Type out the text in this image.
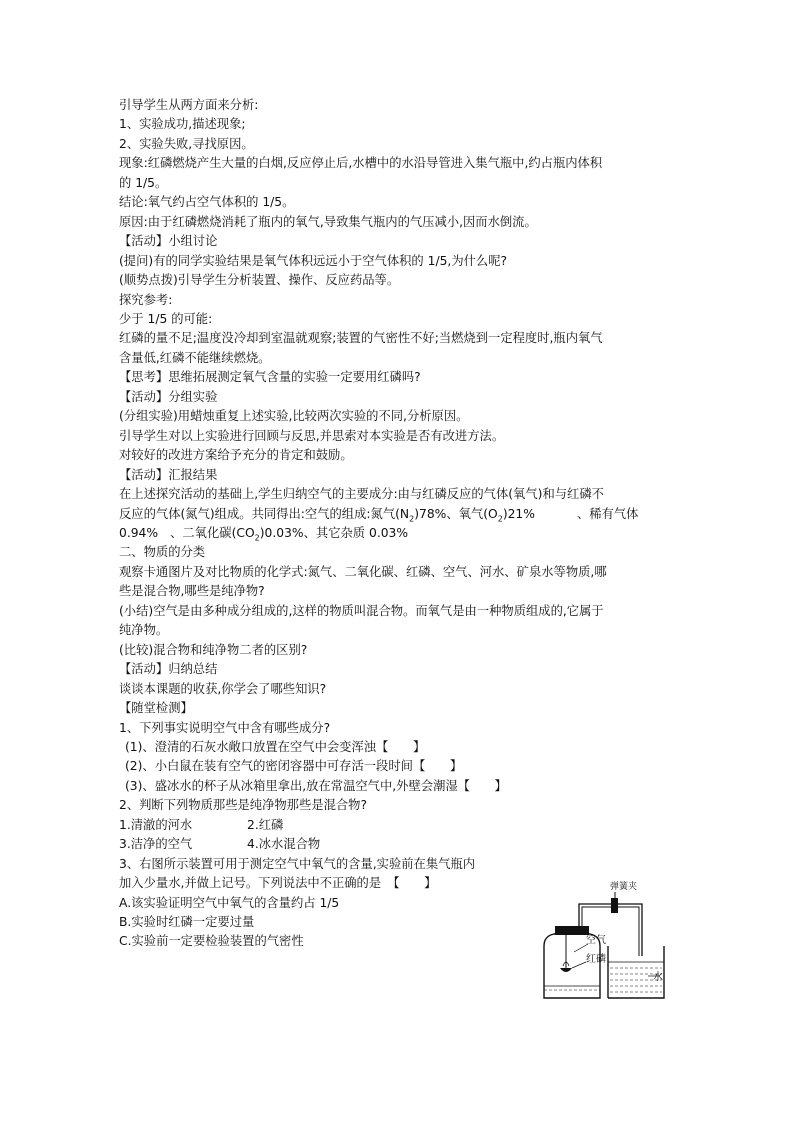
引导学生从两方面来分析:

1、实验成功,描述现象;

2、实验失败,寻找原因。

现象:红磷燃烧产生大量的白烟,反应停止后,水槽中的水沿导管进入集气瓶中,约占瓶内体积

的 1/5。

结论:氧气约占空气体积的 1/5。

原因:由于红磷燃烧消耗了瓶内的氧气,导致集气瓶内的气压减小,因而水倒流。

【活动】小组讨论

(提问)有的同学实验结果是氧气体积远远小于空气体积的 1/5,为什么呢?

(顺势点拨)引导学生分析装置、操作、反应药品等。

探究参考:

少于 1/5 的可能:

红磷的量不足;温度没冷却到室温就观察;装置的气密性不好;当燃烧到一定程度时,瓶内氧气

含量低,红磷不能继续燃烧。

【思考】思维拓展测定氧气含量的实验一定要用红磷吗?

【活动】分组实验

(分组实验)用蜡烛重复上述实验,比较两次实验的不同,分析原因。

引导学生对以上实验进行回顾与反思,并思索对本实验是否有改进方法。

对较好的改进方案给予充分的肯定和鼓励。

【活动】汇报结果

在上述探究活动的基础上,学生归纳空气的主要成分:由与红磷反应的气体(氧气)和与红磷不

反应的气体(氮气)组成。共同得出:空气的组成:氮气$(N_2)78\%$、氧气$(O_2)21\%$	、稀有气体

0.94% 、二氧化碳$(CO_2)0.03\%$、其它杂质 0.03%

二、物质的分类

观察卡通图片及对比物质的化学式:氮气、二氧化碳、红磷、空气、河水、矿泉水等物质,哪

些是混合物,哪些是纯净物?

(小结)空气是由多种成分组成的,这样的物质叫混合物。而氧气是由一种物质组成的,它属于

纯净物。

(比较)混合物和纯净物二者的区别?

【活动】归纳总结

谈谈本课题的收获,你学会了哪些知识?

【随堂检测】

1、下列事实说明空气中含有哪些成分?

(1)、澄清的石灰水敞口放置在空气中会变浑浊【　　】

(2)、小白鼠在装有空气的密闭容器中可存活一段时间【　　】

(3)、盛冰水的杯子从冰箱里拿出,放在常温空气中,外壁会潮湿【　　】

2、判断下列物质那些是纯净物那些是混合物?

1.清澈的河水	2.红磷

3.洁净的空气	4.冰水混合物

3、右图所示装置可用于测定空气中氧气的含量,实验前在集气瓶内

加入少量水,并做上记号。下列说法中不正确的是　【　　】

A.该实验证明空气中氧气的含量约占 1/5

B.实验时红磷一定要过量

C.实验前一定要检验装置的气密性

弹簧夹
空气
红磷
水
